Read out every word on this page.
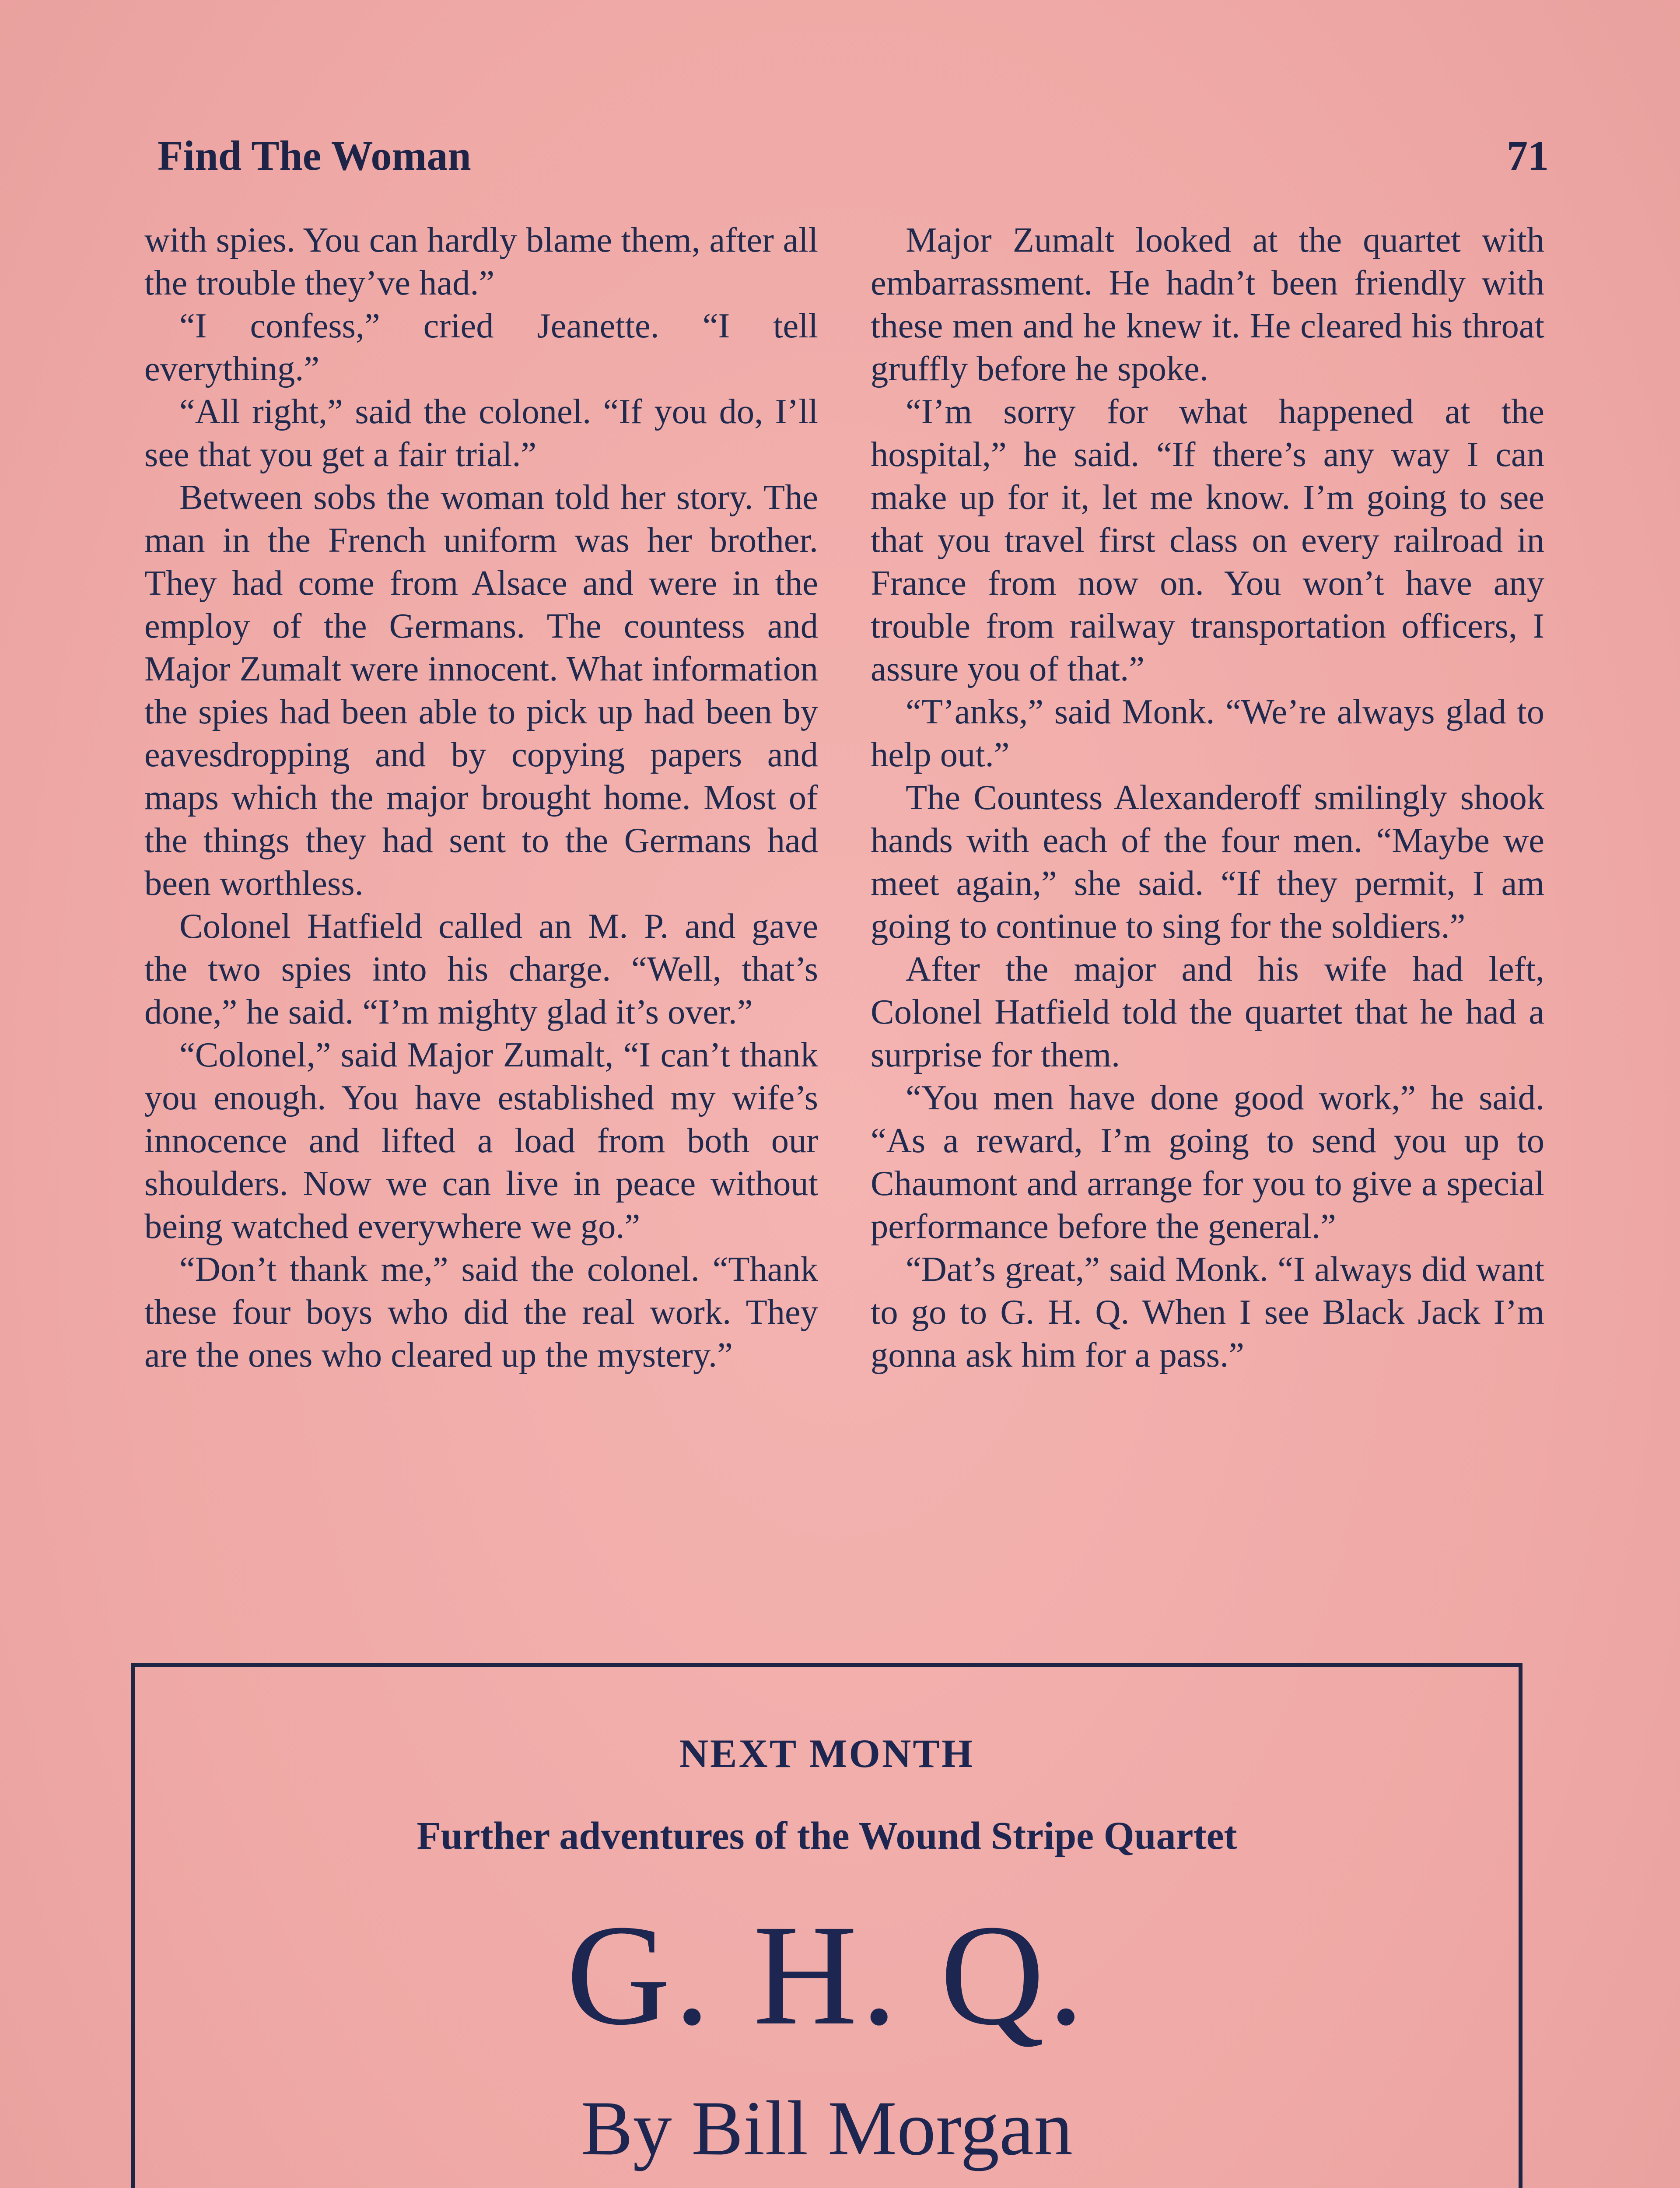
Find The Woman	71

with spies. You can hardly blame them, after all the trouble they’ve had.”

“I confess,” cried Jeanette. “I tell everything.”

“All right,” said the colonel. “If you do, I’ll see that you get a fair trial.”

Between sobs the woman told her story. The man in the French uniform was her brother. They had come from Alsace and were in the employ of the Germans. The countess and Major Zumalt were innocent. What information the spies had been able to pick up had been by eavesdropping and by copying papers and maps which the major brought home. Most of the things they had sent to the Germans had been worthless.

Colonel Hatfield called an M. P. and gave the two spies into his charge. “Well, that’s done,” he said. “I’m mighty glad it’s over.”

“Colonel,” said Major Zumalt, “I can’t thank you enough. You have established my wife’s innocence and lifted a load from both our shoulders. Now we can live in peace without being watched everywhere we go.”

“Don’t thank me,” said the colonel. “Thank these four boys who did the real work. They are the ones who cleared up the mystery.”

Major Zumalt looked at the quartet with embarrassment. He hadn’t been friendly with these men and he knew it. He cleared his throat gruffly before he spoke.

“I’m sorry for what happened at the hospital,” he said. “If there’s any way I can make up for it, let me know. I’m going to see that you travel first class on every railroad in France from now on. You won’t have any trouble from railway transportation officers, I assure you of that.”

“T’anks,” said Monk. “We’re always glad to help out.”

The Countess Alexanderoff smilingly shook hands with each of the four men. “Maybe we meet again,” she said. “If they permit, I am going to continue to sing for the soldiers.”

After the major and his wife had left, Colonel Hatfield told the quartet that he had a surprise for them.

“You men have done good work,” he said. “As a reward, I’m going to send you up to Chaumont and arrange for you to give a special performance before the general.”

“Dat’s great,” said Monk. “I always did want to go to G. H. Q. When I see Black Jack I’m gonna ask him for a pass.”

NEXT MONTH
Further adventures of the Wound Stripe Quartet
G. H. Q.
By Bill Morgan
